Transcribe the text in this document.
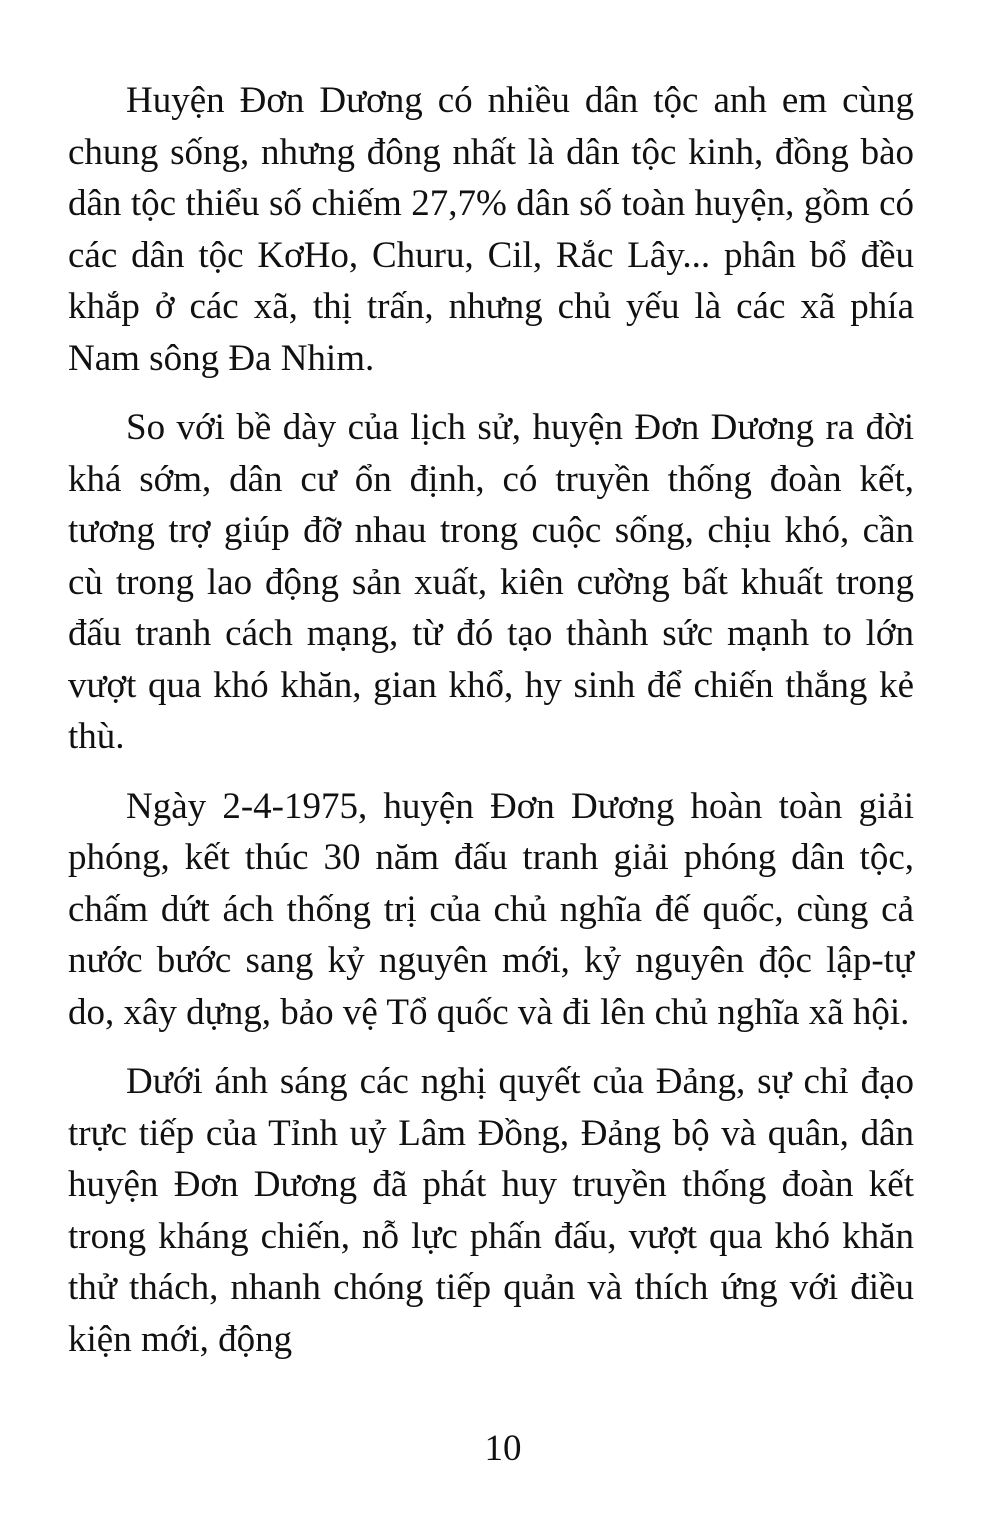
Huyện Đơn Dương có nhiều dân tộc anh em cùng chung sống, nhưng đông nhất là dân tộc kinh, đồng bào dân tộc thiểu số chiếm 27,7% dân số toàn huyện, gồm có các dân tộc KơHo, Churu, Cil, Rắc Lây... phân bổ đều khắp ở các xã, thị trấn, nhưng chủ yếu là các xã phía Nam sông Đa Nhim.

So với bề dày của lịch sử, huyện Đơn Dương ra đời khá sớm, dân cư ổn định, có truyền thống đoàn kết, tương trợ giúp đỡ nhau trong cuộc sống, chịu khó, cần cù trong lao động sản xuất, kiên cường bất khuất trong đấu tranh cách mạng, từ đó tạo thành sức mạnh to lớn vượt qua khó khăn, gian khổ, hy sinh để chiến thắng kẻ thù.

Ngày 2-4-1975, huyện Đơn Dương hoàn toàn giải phóng, kết thúc 30 năm đấu tranh giải phóng dân tộc, chấm dứt ách thống trị của chủ nghĩa đế quốc, cùng cả nước bước sang kỷ nguyên mới, kỷ nguyên độc lập-tự do, xây dựng, bảo vệ Tổ quốc và đi lên chủ nghĩa xã hội.

Dưới ánh sáng các nghị quyết của Đảng, sự chỉ đạo trực tiếp của Tỉnh uỷ Lâm Đồng, Đảng bộ và quân, dân huyện Đơn Dương đã phát huy truyền thống đoàn kết trong kháng chiến, nỗ lực phấn đấu, vượt qua khó khăn thử thách, nhanh chóng tiếp quản và thích ứng với điều kiện mới, động

10
